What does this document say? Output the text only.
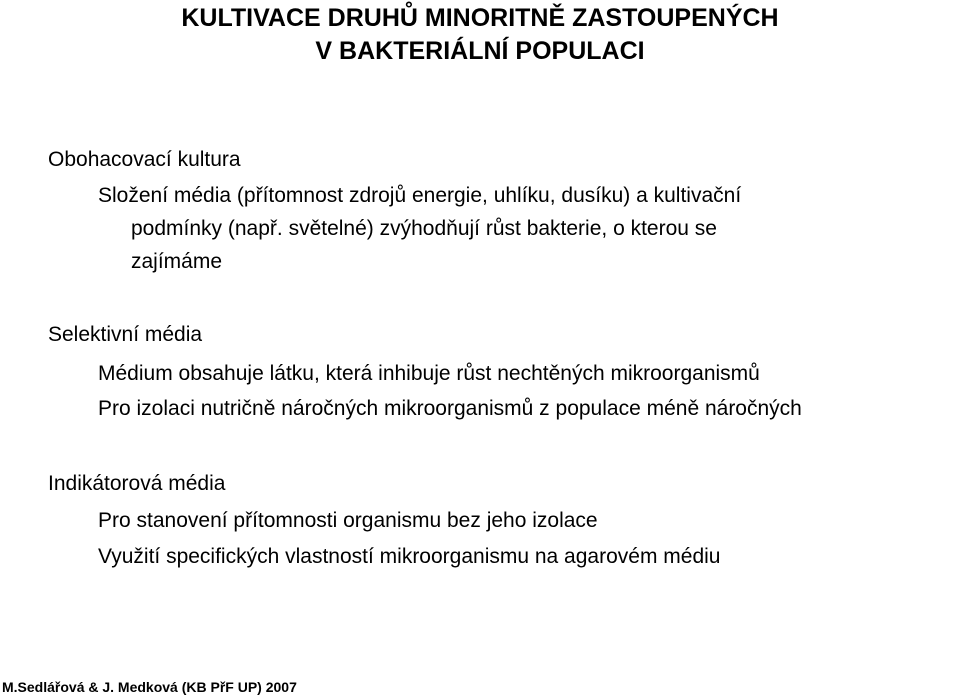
KULTIVACE DRUHŮ MINORITNĚ ZASTOUPENÝCH
V BAKTERIÁLNÍ POPULACI

Obohacovací kultura

Složení média (přítomnost zdrojů energie, uhlíku, dusíku) a kultivační

podmínky (např. světelné) zvýhodňují růst bakterie, o kterou se

zajímáme

Selektivní média

Médium obsahuje látku, která inhibuje růst nechtěných mikroorganismů

Pro izolaci nutričně náročných mikroorganismů z populace méně náročných

Indikátorová média

Pro stanovení přítomnosti organismu bez jeho izolace

Využití specifických vlastností mikroorganismu na agarovém médiu

M.Sedlářová & J. Medková (KB PřF UP) 2007
